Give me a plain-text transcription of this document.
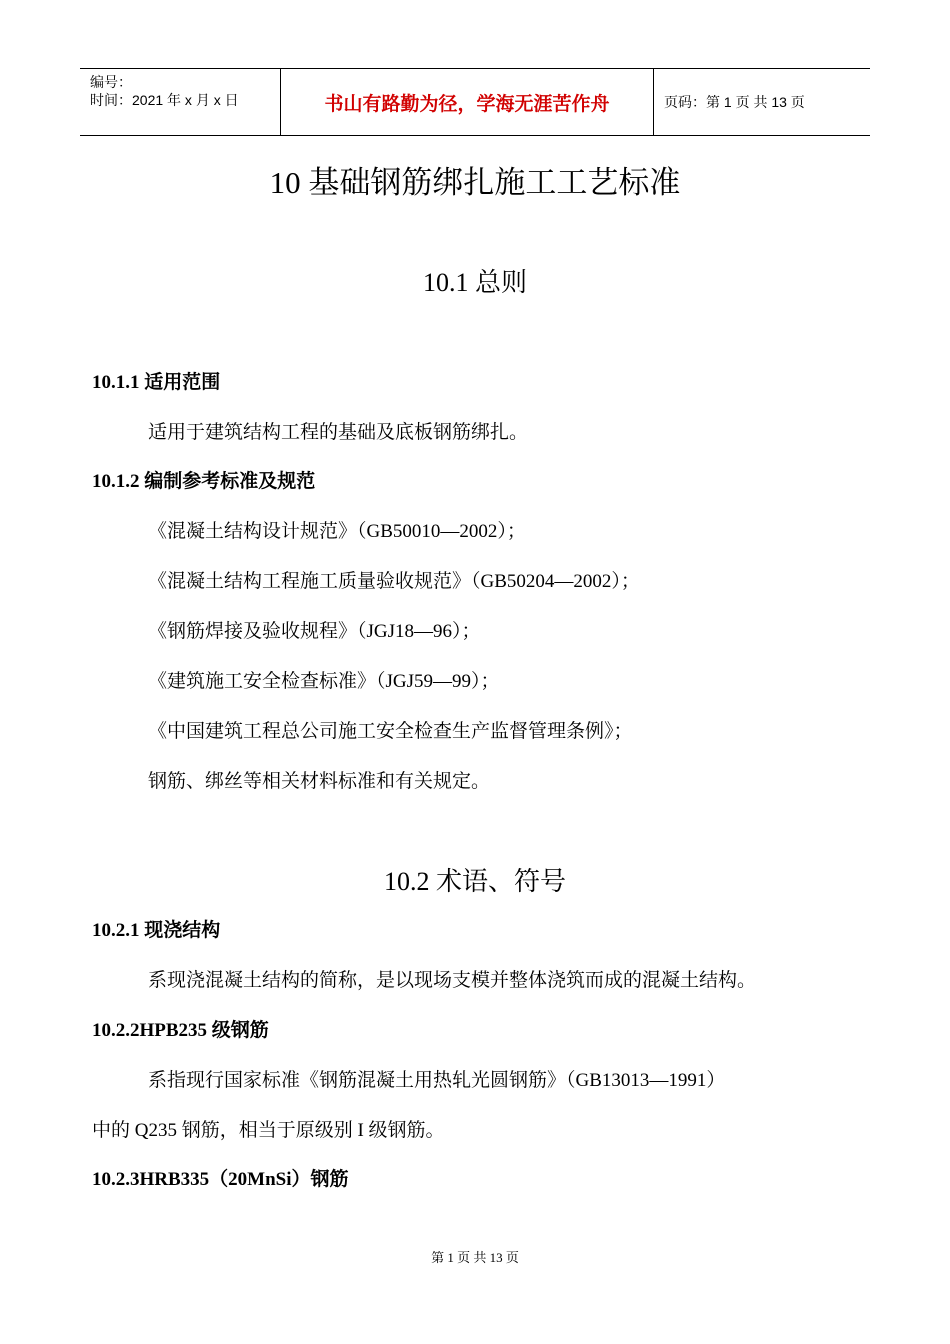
编号：
时间：2021 年 x 月 x 日	书山有路勤为径，学海无涯苦作舟	页码：第 1 页 共 13 页
10 基础钢筋绑扎施工工艺标准
10.1 总则
10.1.1 适用范围
适用于建筑结构工程的基础及底板钢筋绑扎。
10.1.2 编制参考标准及规范
《混凝土结构设计规范》（GB50010—2002）；
《混凝土结构工程施工质量验收规范》（GB50204—2002）；
《钢筋焊接及验收规程》（JGJ18—96）；
《建筑施工安全检查标准》（JGJ59—99）；
《中国建筑工程总公司施工安全检查生产监督管理条例》；
钢筋、绑丝等相关材料标准和有关规定。
10.2 术语、符号
10.2.1 现浇结构
系现浇混凝土结构的简称，是以现场支模并整体浇筑而成的混凝土结构。
10.2.2HPB235 级钢筋
系指现行国家标准《钢筋混凝土用热轧光圆钢筋》（GB13013—1991）
中的 Q235 钢筋，相当于原级别 I 级钢筋。
10.2.3HRB335（20MnSi）钢筋
第 1 页 共 13 页
